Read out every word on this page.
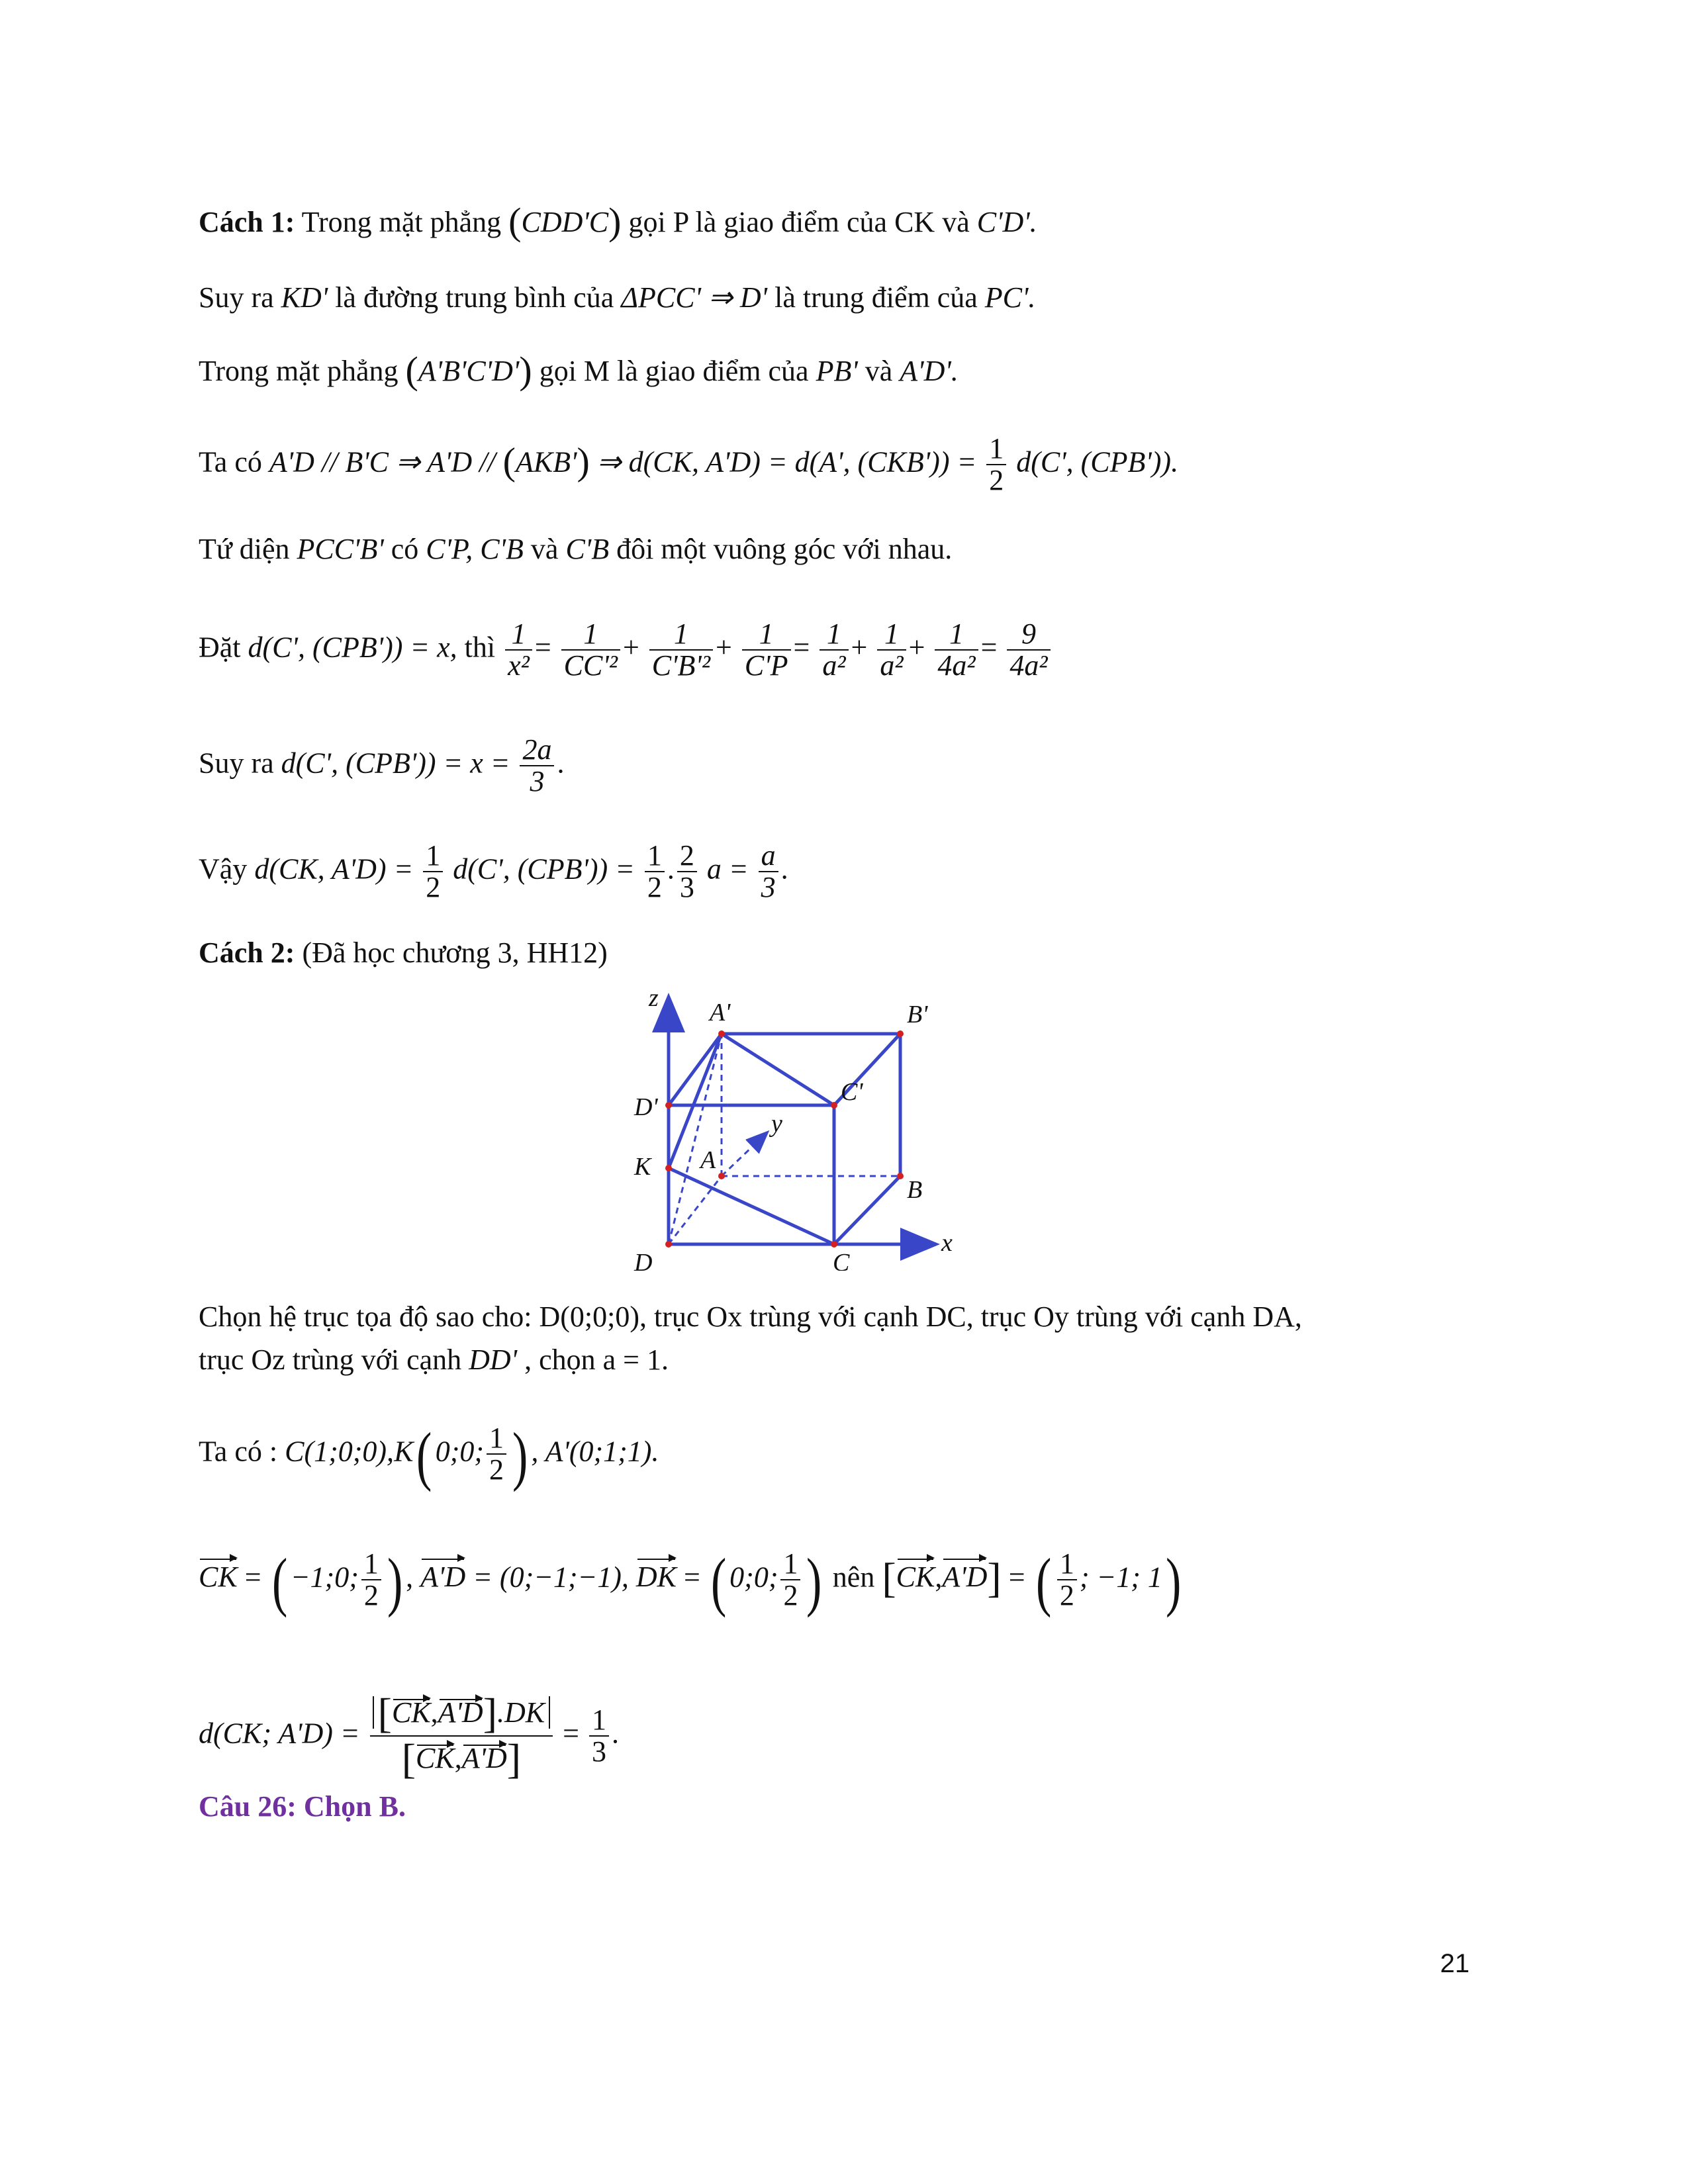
Cách 1: Trong mặt phẳng (CDD'C) gọi P là giao điểm của CK và C'D'.
Suy ra KD' là đường trung bình của ΔPCC' ⇒ D' là trung điểm của PC'.
Trong mặt phẳng (A'B'C'D') gọi M là giao điểm của PB' và A'D'.
Ta có A'D // B'C ⇒ A'D // (AKB') ⇒ d(CK, A'D) = d(A', $(CKB')) = \frac{1}{2} d(C'$, (CPB')).
Tứ diện PCC'B' có C'P, C'B và C'B đôi một vuông góc với nhau.
Đặt d(C', (CPB')) = x, thì $\frac{1}{\text{x²}} = \frac{1}{\text{CC'²}} + \frac{1}{\text{C'B'²}} + \frac{1}{C'P} = \frac{1}{\text{a²}} + \frac{1}{\text{a²}} + \frac{1}{\text{4a²}} = \frac{9}{\text{4a²}}$
Suy ra d(C', $(CPB')) = x = \frac{2a}{3}$ .
Vậy d(CK, $A'D) = \frac{1}{2} d(C'$, $(CPB')) = \frac{1}{2}$ . $\frac{2}{3}$ $a = \frac{a}{3}$ .
Cách 2: (Đã học chương 3, HH12)
z
x
y
A'	B'
C'
D'
K A
B
C
D
Chọn hệ trục tọa độ sao cho: D(0;0;0), trục Ox trùng với cạnh DC, trục Oy trùng với cạnh DA,
trục Oz trùng với cạnh DD' , chọn a = 1.
Ta có : C(1;0;0),K( 0;0; $\frac{1}{2}$ ) , A'(0;1;1).
CK = ( −1;0; $\frac{1}{2}$ ) , A'D = (0;−1;−1), DK = ( 0;0; $\frac{1}{2}$ ) nên [CK,A'D] = ( $\frac{1}{2}$ ; −1; 1)
d(CK; $A'D) = \frac{[CK,A'D].DK}{[CK,A'D]} = \frac{1}{3}$ .
Câu 26: Chọn B.
21
